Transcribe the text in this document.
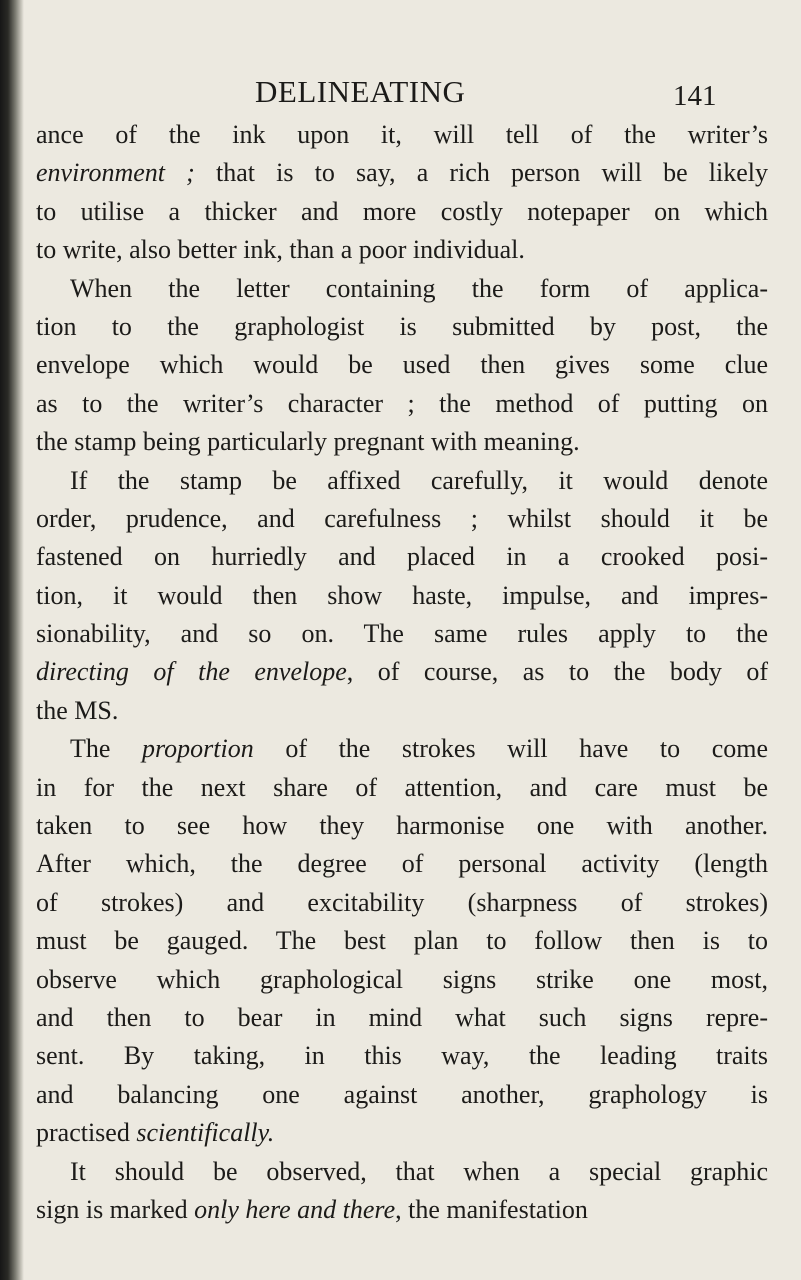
DELINEATING	141
ance of the ink upon it, will tell of the writer’s
environment ; that is to say, a rich person will be likely
to utilise a thicker and more costly notepaper on which
to write, also better ink, than a poor individual.
When the letter containing the form of applica-
tion to the graphologist is submitted by post, the
envelope which would be used then gives some clue
as to the writer’s character ; the method of putting on
the stamp being particularly pregnant with meaning.
If the stamp be affixed carefully, it would denote
order, prudence, and carefulness ; whilst should it be
fastened on hurriedly and placed in a crooked posi-
tion, it would then show haste, impulse, and impres-
sionability, and so on. The same rules apply to the
directing of the envelope, of course, as to the body of
the MS.
The proportion of the strokes will have to come
in for the next share of attention, and care must be
taken to see how they harmonise one with another.
After which, the degree of personal activity (length
of strokes) and excitability (sharpness of strokes)
must be gauged. The best plan to follow then is to
observe which graphological signs strike one most,
and then to bear in mind what such signs repre-
sent. By taking, in this way, the leading traits
and balancing one against another, graphology is
practised scientifically.
It should be observed, that when a special graphic
sign is marked only here and there, the manifestation
